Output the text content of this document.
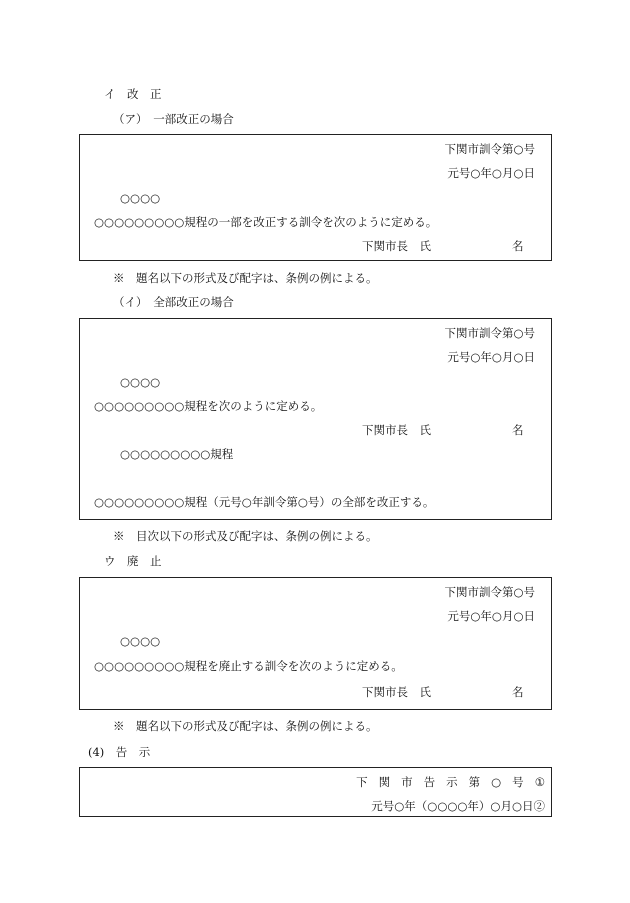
イ　改　正
（ア）　一部改正の場合
下関市訓令第○号
元号○年○月○日
○○○○
○○○○○○○○○規程の一部を改正する訓令を次のように定める。
下関市長　氏	名
※　題名以下の形式及び配字は、条例の例による。
（イ）　全部改正の場合
下関市訓令第○号
元号○年○月○日
○○○○
○○○○○○○○○規程を次のように定める。
下関市長　氏	名
○○○○○○○○○規程
○○○○○○○○○規程（元号○年訓令第○号）の全部を改正する。
※　目次以下の形式及び配字は、条例の例による。
ウ　廃　止
下関市訓令第○号
元号○年○月○日
○○○○
○○○○○○○○○規程を廃止する訓令を次のように定める。
下関市長　氏	名
※　題名以下の形式及び配字は、条例の例による。
(4)　告　示
下関市告示第○号①
元号○年（○○○○年）○月○日②
